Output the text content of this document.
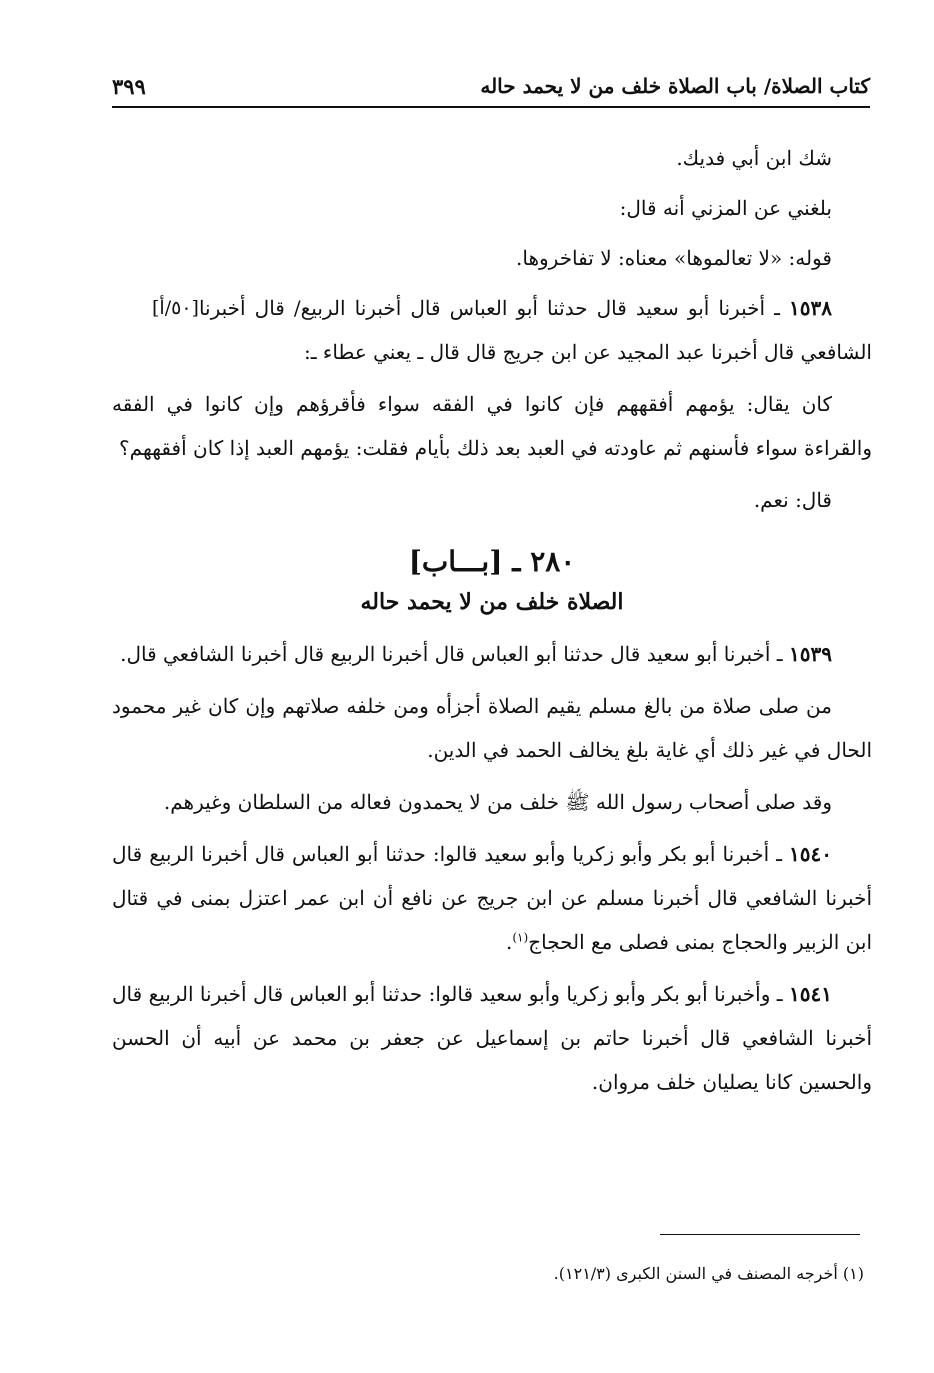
كتاب الصلاة/ باب الصلاة خلف من لا يحمد حاله
٣٩٩

شك ابن أبي فديك.

بلغني عن المزني أنه قال:

قوله: «لا تعالموها» معناه: لا تفاخروها.

[٥٠/أ]	١٥٣٨ ـ أخبرنا أبو سعيد قال حدثنا أبو العباس قال أخبرنا الربيع/ قال أخبرنا الشافعي قال أخبرنا عبد المجيد عن ابن جريج قال قال ـ يعني عطاء ـ:

كان يقال: يؤمهم أفقههم فإن كانوا في الفقه سواء فأقرؤهم وإن كانوا في الفقه والقراءة سواء فأسنهم ثم عاودته في العبد بعد ذلك بأيام فقلت: يؤمهم العبد إذا كان أفقههم؟

قال: نعم.

٢٨٠ ـ [بـــاب]
الصلاة خلف من لا يحمد حاله

١٥٣٩ ـ أخبرنا أبو سعيد قال حدثنا أبو العباس قال أخبرنا الربيع قال أخبرنا الشافعي قال.

من صلى صلاة من بالغ مسلم يقيم الصلاة أجزأه ومن خلفه صلاتهم وإن كان غير محمود الحال في غير ذلك أي غاية بلغ يخالف الحمد في الدين.

وقد صلى أصحاب رسول الله ﷺ خلف من لا يحمدون فعاله من السلطان وغيرهم.

١٥٤٠ ـ أخبرنا أبو بكر وأبو زكريا وأبو سعيد قالوا: حدثنا أبو العباس قال أخبرنا الربيع قال أخبرنا الشافعي قال أخبرنا مسلم عن ابن جريج عن نافع أن ابن عمر اعتزل بمنى في قتال ابن الزبير والحجاج بمنى فصلى مع الحجاج$^{(١)}$.

١٥٤١ ـ وأخبرنا أبو بكر وأبو زكريا وأبو سعيد قالوا: حدثنا أبو العباس قال أخبرنا الربيع قال أخبرنا الشافعي قال أخبرنا حاتم بن إسماعيل عن جعفر بن محمد عن أبيه أن الحسن والحسين كانا يصليان خلف مروان.

(١) أخرجه المصنف في السنن الكبرى (١٢١/٣).
